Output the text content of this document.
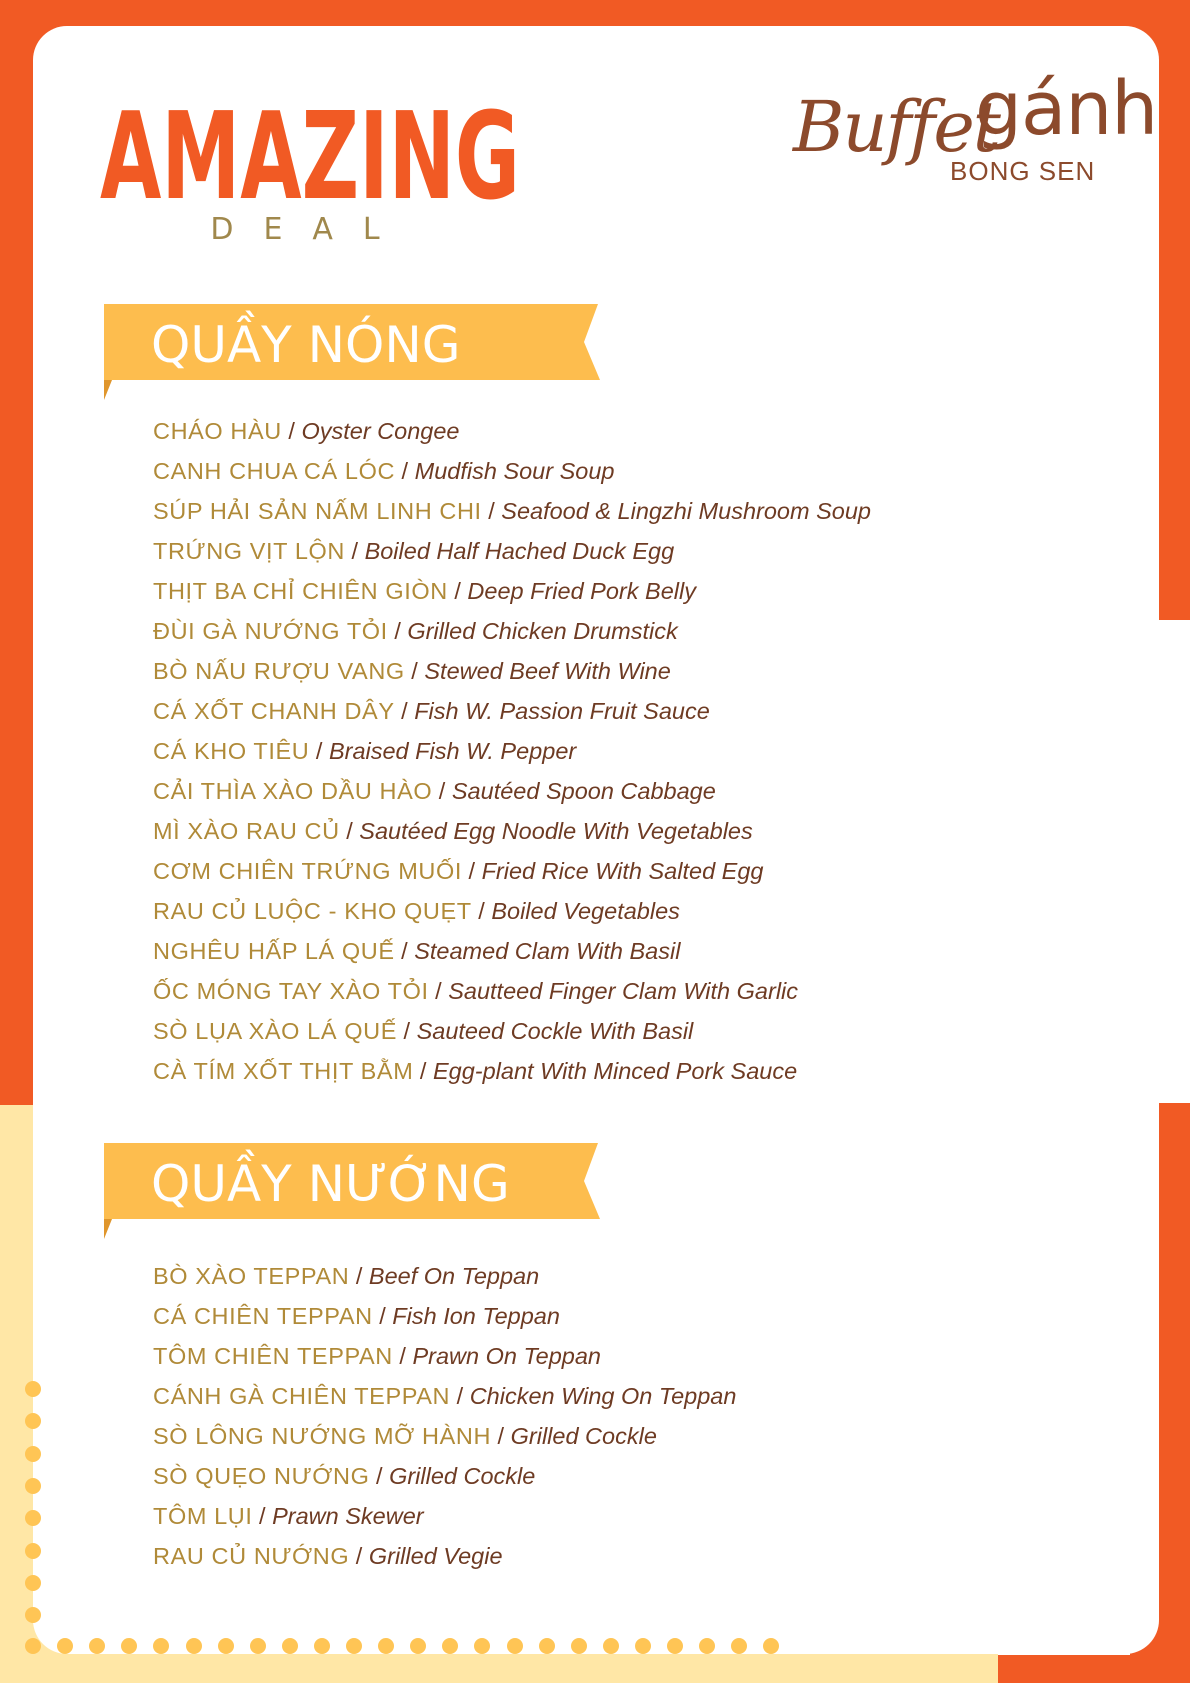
AMAZING
DEAL
Buffet
gánh
BONG SEN
QUẦY NÓNG
CHÁO HÀU / Oyster Congee
CANH CHUA CÁ LÓC / Mudfish Sour Soup
SÚP HẢI SẢN NẤM LINH CHI / Seafood & Lingzhi Mushroom Soup
TRỨNG VỊT LỘN / Boiled Half Hached Duck Egg
THỊT BA CHỈ CHIÊN GIÒN / Deep Fried Pork Belly
ĐÙI GÀ NƯỚNG TỎI / Grilled Chicken Drumstick
BÒ NẤU RƯỢU VANG / Stewed Beef With Wine
CÁ XỐT CHANH DÂY / Fish W. Passion Fruit Sauce
CÁ KHO TIÊU / Braised Fish W. Pepper
CẢI THÌA XÀO DẦU HÀO / Sautéed Spoon Cabbage
MÌ XÀO RAU CỦ / Sautéed Egg Noodle With Vegetables
CƠM CHIÊN TRỨNG MUỐI / Fried Rice With Salted Egg
RAU CỦ LUỘC - KHO QUẸT / Boiled Vegetables
NGHÊU HẤP LÁ QUẾ / Steamed Clam With Basil
ỐC MÓNG TAY XÀO TỎI / Sautteed Finger Clam With Garlic
SÒ LỤA XÀO LÁ QUẾ / Sauteed Cockle With Basil
CÀ TÍM XỐT THỊT BẰM / Egg-plant With Minced Pork Sauce
QUẦY NƯỚNG
BÒ XÀO TEPPAN / Beef On Teppan
CÁ CHIÊN TEPPAN / Fish Ion Teppan
TÔM CHIÊN TEPPAN / Prawn On Teppan
CÁNH GÀ CHIÊN TEPPAN / Chicken Wing On Teppan
SÒ LÔNG NƯỚNG MỠ HÀNH / Grilled Cockle
SÒ QUẸO NƯỚNG / Grilled Cockle
TÔM LỤI / Prawn Skewer
RAU CỦ NƯỚNG / Grilled Vegie
